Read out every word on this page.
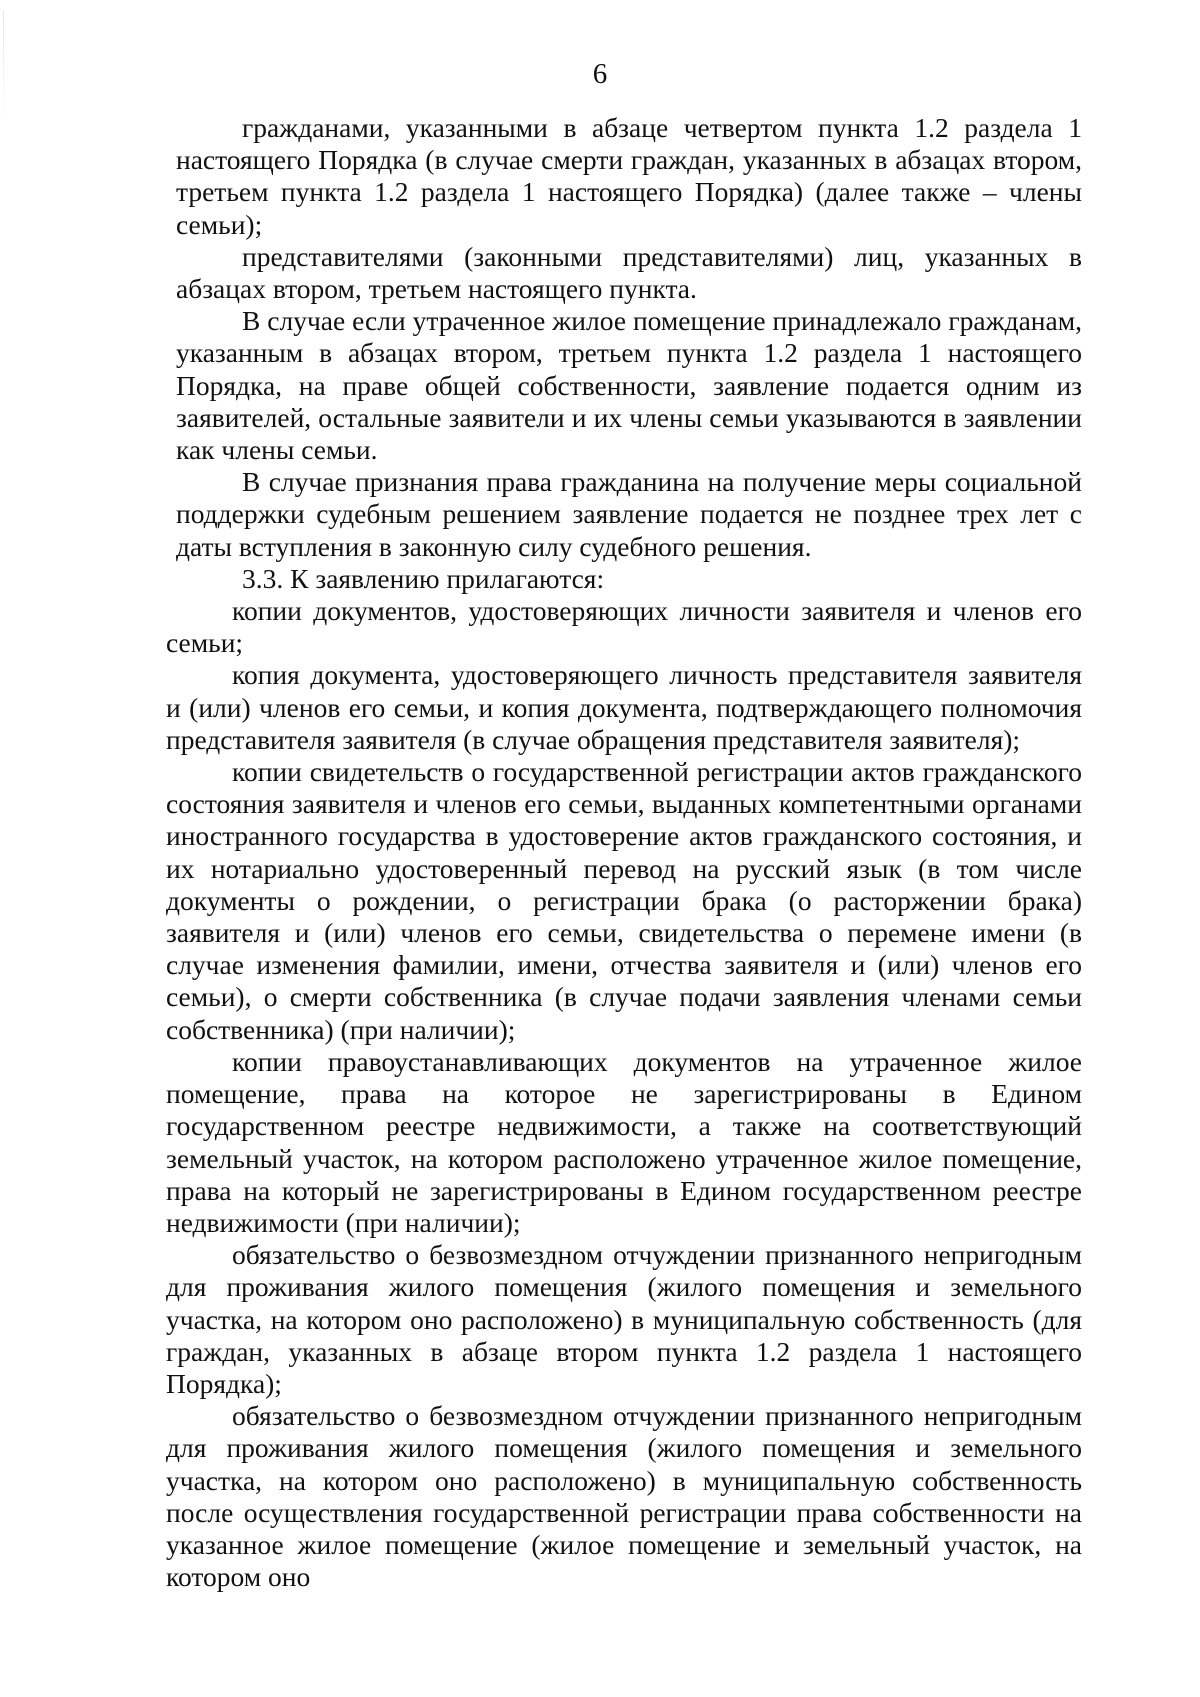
6

гражданами, указанными в абзаце четвертом пункта 1.2 раздела 1 настоящего Порядка (в случае смерти граждан, указанных в абзацах втором, третьем пункта 1.2 раздела 1 настоящего Порядка) (далее также – члены семьи);

представителями (законными представителями) лиц, указанных в абзацах втором, третьем настоящего пункта.

В случае если утраченное жилое помещение принадлежало гражданам, указанным в абзацах втором, третьем пункта 1.2 раздела 1 настоящего Порядка, на праве общей собственности, заявление подается одним из заявителей, остальные заявители и их члены семьи указываются в заявлении как члены семьи.

В случае признания права гражданина на получение меры социальной поддержки судебным решением заявление подается не позднее трех лет с даты вступления в законную силу судебного решения.

3.3. К заявлению прилагаются:

копии документов, удостоверяющих личности заявителя и членов его семьи;

копия документа, удостоверяющего личность представителя заявителя и (или) членов его семьи, и копия документа, подтверждающего полномочия представителя заявителя (в случае обращения представителя заявителя);

копии свидетельств о государственной регистрации актов гражданского состояния заявителя и членов его семьи, выданных компетентными органами иностранного государства в удостоверение актов гражданского состояния, и их нотариально удостоверенный перевод на русский язык (в том числе документы о рождении, о регистрации брака (о расторжении брака) заявителя и (или) членов его семьи, свидетельства о перемене имени (в случае изменения фамилии, имени, отчества заявителя и (или) членов его семьи), о смерти собственника (в случае подачи заявления членами семьи собственника) (при наличии);

копии правоустанавливающих документов на утраченное жилое помещение, права на которое не зарегистрированы в Едином государственном реестре недвижимости, а также на соответствующий земельный участок, на котором расположено утраченное жилое помещение, права на который не зарегистрированы в Едином государственном реестре недвижимости (при наличии);

обязательство о безвозмездном отчуждении признанного непригодным для проживания жилого помещения (жилого помещения и земельного участка, на котором оно расположено) в муниципальную собственность (для граждан, указанных в абзаце втором пункта 1.2 раздела 1 настоящего Порядка);

обязательство о безвозмездном отчуждении признанного непригодным для проживания жилого помещения (жилого помещения и земельного участка, на котором оно расположено) в муниципальную собственность после осуществления государственной регистрации права собственности на указанное жилое помещение (жилое помещение и земельный участок, на котором оно
